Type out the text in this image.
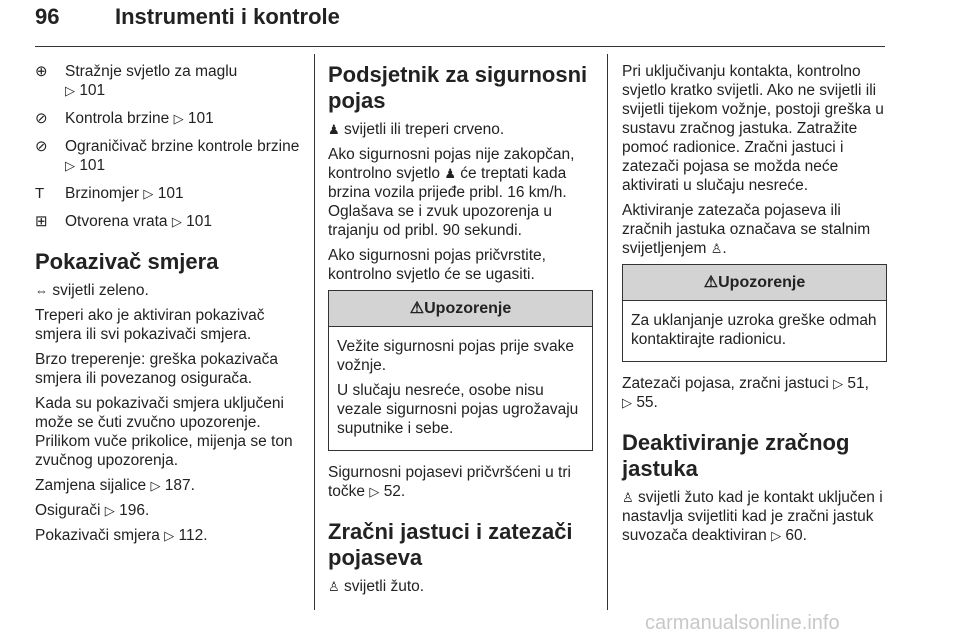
96	Instrumenti i kontrole
⊕	Stražnje svjetlo za maglu
▷ 101
⊘	Kontrola brzine ▷ 101
⊘	Ograničivač brzine kontrole brzine ▷ 101
T	Brzinomjer ▷ 101
⊞	Otvorena vrata ▷ 101
Pokazivač smjera

⇔ svijetli zeleno.

Treperi ako je aktiviran pokazivač smjera ili svi pokazivači smjera.

Brzo treperenje: greška pokazivača smjera ili povezanog osigurača.

Kada su pokazivači smjera uključeni može se čuti zvučno upozorenje. Prilikom vuče prikolice, mijenja se ton zvučnog upozorenja.

Zamjena sijalice ▷ 187.

Osigurači ▷ 196.

Pokazivači smjera ▷ 112.

Podsjetnik za sigurnosni pojas

♟ svijetli ili treperi crveno.

Ako sigurnosni pojas nije zakopčan, kontrolno svjetlo ♟ će treptati kada brzina vozila prijeđe pribl. 16 km/h. Oglašava se i zvuk upozorenja u trajanju od pribl. 90 sekundi.

Ako sigurnosni pojas pričvrstite, kontrolno svjetlo će se ugasiti.

⚠Upozorenje

Vežite sigurnosni pojas prije svake vožnje.

U slučaju nesreće, osobe nisu vezale sigurnosni pojas ugrožavaju suputnike i sebe.

Sigurnosni pojasevi pričvršćeni u tri točke ▷ 52.

Zračni jastuci i zatezači pojaseva

♙ svijetli žuto.

Pri uključivanju kontakta, kontrolno svjetlo kratko svijetli. Ako ne svijetli ili svijetli tijekom vožnje, postoji greška u sustavu zračnog jastuka. Zatražite pomoć radionice. Zračni jastuci i zatezači pojasa se možda neće aktivirati u slučaju nesreće.

Aktiviranje zatezača pojaseva ili zračnih jastuka označava se stalnim svijetljenjem ♙.

⚠Upozorenje

Za uklanjanje uzroka greške odmah kontaktirajte radionicu.

Zatezači pojasa, zračni jastuci ▷ 51,
▷ 55.

Deaktiviranje zračnog jastuka

♙ svijetli žuto kad je kontakt uključen i nastavlja svijetliti kad je zračni jastuk suvozača deaktiviran ▷ 60.

carmanualsonline.info
